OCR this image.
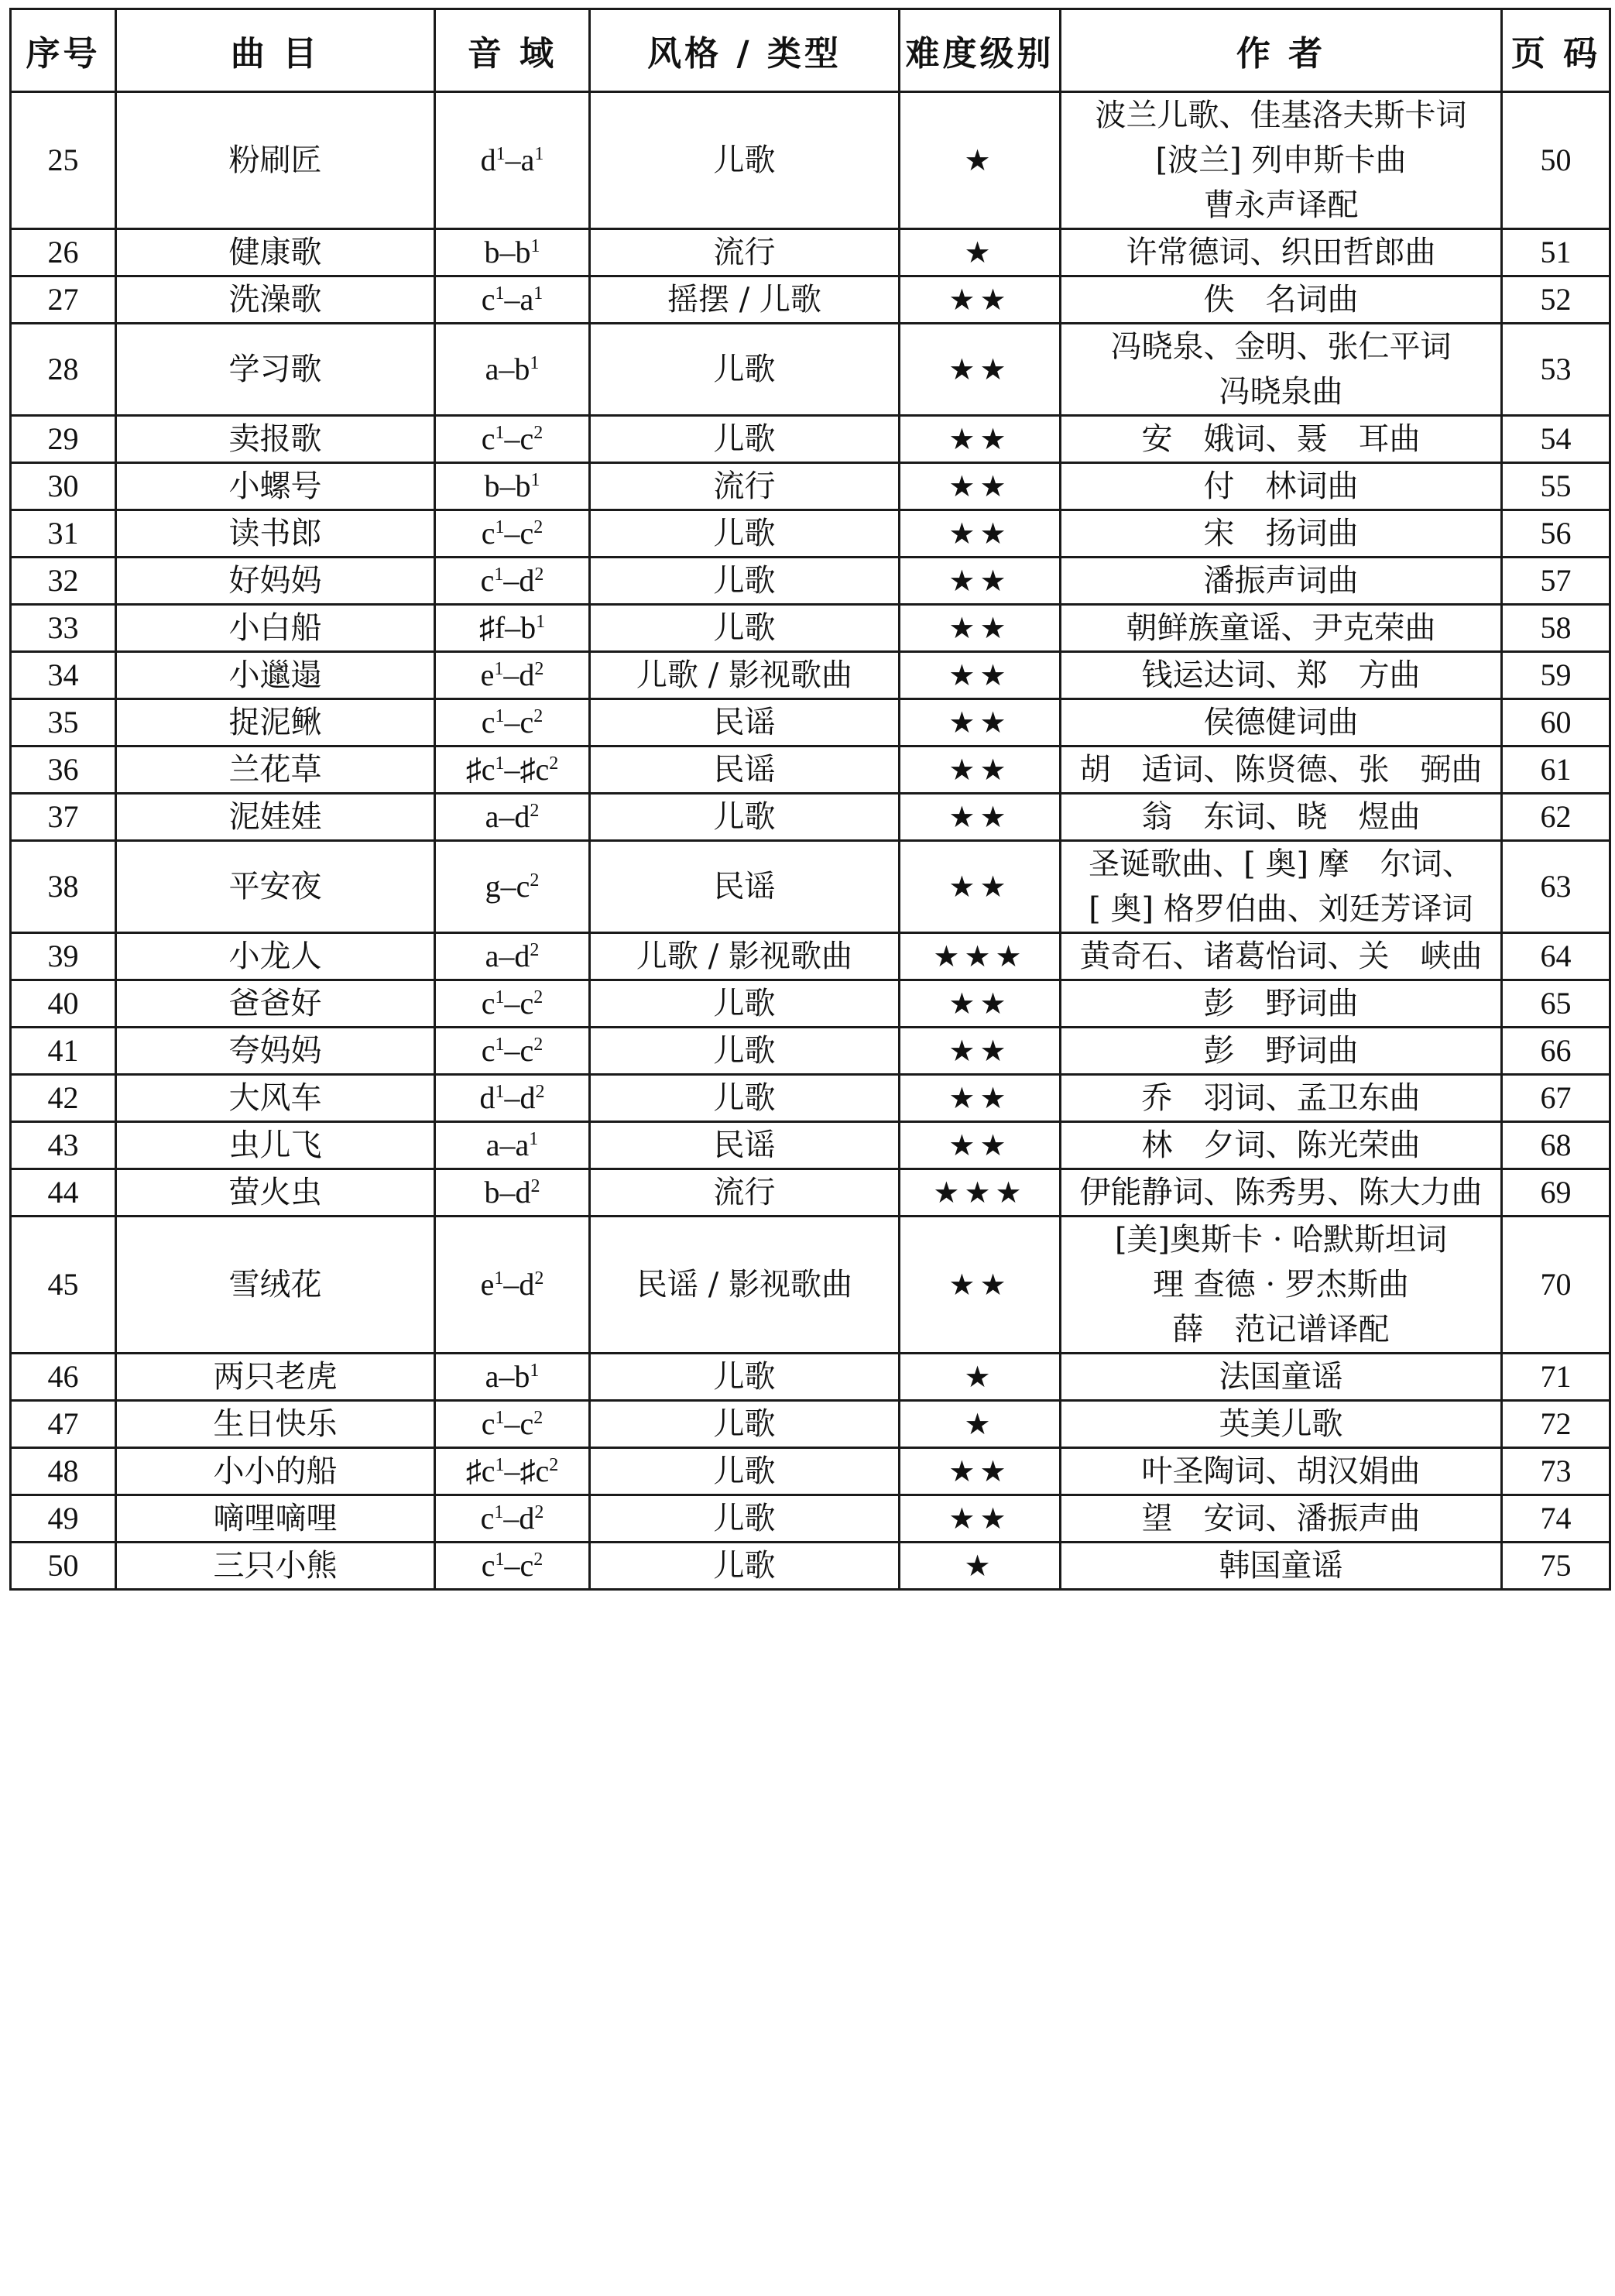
序号	曲 目	音 域	风格 / 类型	难度级别	作 者	页 码
25	粉刷匠	$d^1-a^1$	儿歌	★	波兰儿歌、佳基洛夫斯卡词
[波兰] 列申斯卡曲
曹永声译配	50
26	健康歌	$b-b^1$	流行	★	许常德词、织田哲郎曲	51
27	洗澡歌	$c^1-a^1$	摇摆 / 儿歌	★★	佚　名词曲	52
28	学习歌	$a-b^1$	儿歌	★★	冯晓泉、金明、张仁平词
冯晓泉曲	53
29	卖报歌	$c^1-c^2$	儿歌	★★	安　娥词、聂　耳曲	54
30	小螺号	$b-b^1$	流行	★★	付　林词曲	55
31	读书郎	$c^1-c^2$	儿歌	★★	宋　扬词曲	56
32	好妈妈	$c^1-d^2$	儿歌	★★	潘振声词曲	57
33	小白船	$♯f-b^1$	儿歌	★★	朝鲜族童谣、尹克荣曲	58
34	小邋遢	$e^1-d^2$	儿歌 / 影视歌曲	★★	钱运达词、郑　方曲	59
35	捉泥鳅	$c^1-c^2$	民谣	★★	侯德健词曲	60
36	兰花草	$♯c^1-♯c^2$	民谣	★★	胡　适词、陈贤德、张　弼曲	61
37	泥娃娃	$a-d^2$	儿歌	★★	翁　东词、晓　煜曲	62
38	平安夜	$g-c^2$	民谣	★★	圣诞歌曲、[ 奥] 摩　尔词、
[ 奥] 格罗伯曲、刘廷芳译词	63
39	小龙人	$a-d^2$	儿歌 / 影视歌曲	★★★	黄奇石、诸葛怡词、关　峡曲	64
40	爸爸好	$c^1-c^2$	儿歌	★★	彭　野词曲	65
41	夸妈妈	$c^1-c^2$	儿歌	★★	彭　野词曲	66
42	大风车	$d^1-d^2$	儿歌	★★	乔　羽词、孟卫东曲	67
43	虫儿飞	$a-a^1$	民谣	★★	林　夕词、陈光荣曲	68
44	萤火虫	$b-d^2$	流行	★★★	伊能静词、陈秀男、陈大力曲	69
45	雪绒花	$e^1-d^2$	民谣 / 影视歌曲	★★	[美]奥斯卡 · 哈默斯坦词
理 查德 · 罗杰斯曲
薛　范记谱译配	70
46	两只老虎	$a-b^1$	儿歌	★	法国童谣	71
47	生日快乐	$c^1-c^2$	儿歌	★	英美儿歌	72
48	小小的船	$♯c^1-♯c^2$	儿歌	★★	叶圣陶词、胡汉娟曲	73
49	嘀哩嘀哩	$c^1-d^2$	儿歌	★★	望　安词、潘振声曲	74
50	三只小熊	$c^1-c^2$	儿歌	★	韩国童谣	75
